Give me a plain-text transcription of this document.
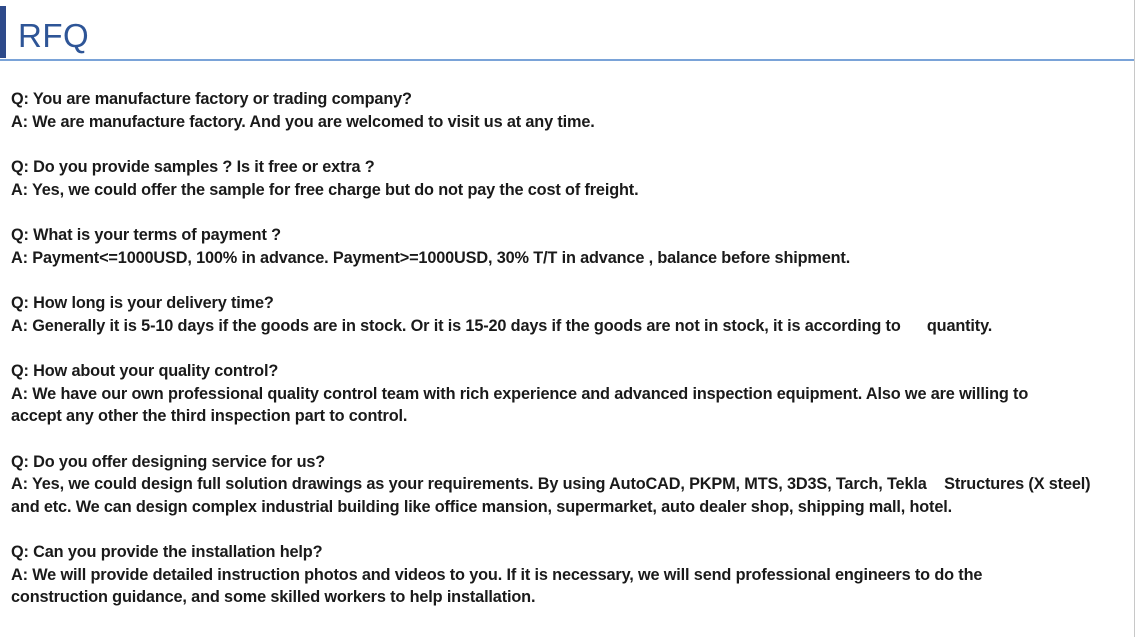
RFQ
Q: You are manufacture factory or trading company?
A: We are manufacture factory. And you are welcomed to visit us at any time.
Q: Do you provide samples ? Is it free or extra ?
A: Yes, we could offer the sample for free charge but do not pay the cost of freight.
Q: What is your terms of payment ?
A: Payment<=1000USD, 100% in advance. Payment>=1000USD, 30% T/T in advance , balance before shipment.
Q: How long is your delivery time?
A: Generally it is 5-10 days if the goods are in stock. Or it is 15-20 days if the goods are not in stock, it is according to      quantity.
Q: How about your quality control?
A: We have our own professional quality control team with rich experience and advanced inspection equipment. Also we are willing to
accept any other the third inspection part to control.
Q: Do you offer designing service for us?
A: Yes, we could design full solution drawings as your requirements. By using AutoCAD, PKPM, MTS, 3D3S, Tarch, Tekla    Structures (X steel)
and etc. We can design complex industrial building like office mansion, supermarket, auto dealer shop, shipping mall, hotel.
Q: Can you provide the installation help?
A: We will provide detailed instruction photos and videos to you. If it is necessary, we will send professional engineers to do the
construction guidance, and some skilled workers to help installation.
